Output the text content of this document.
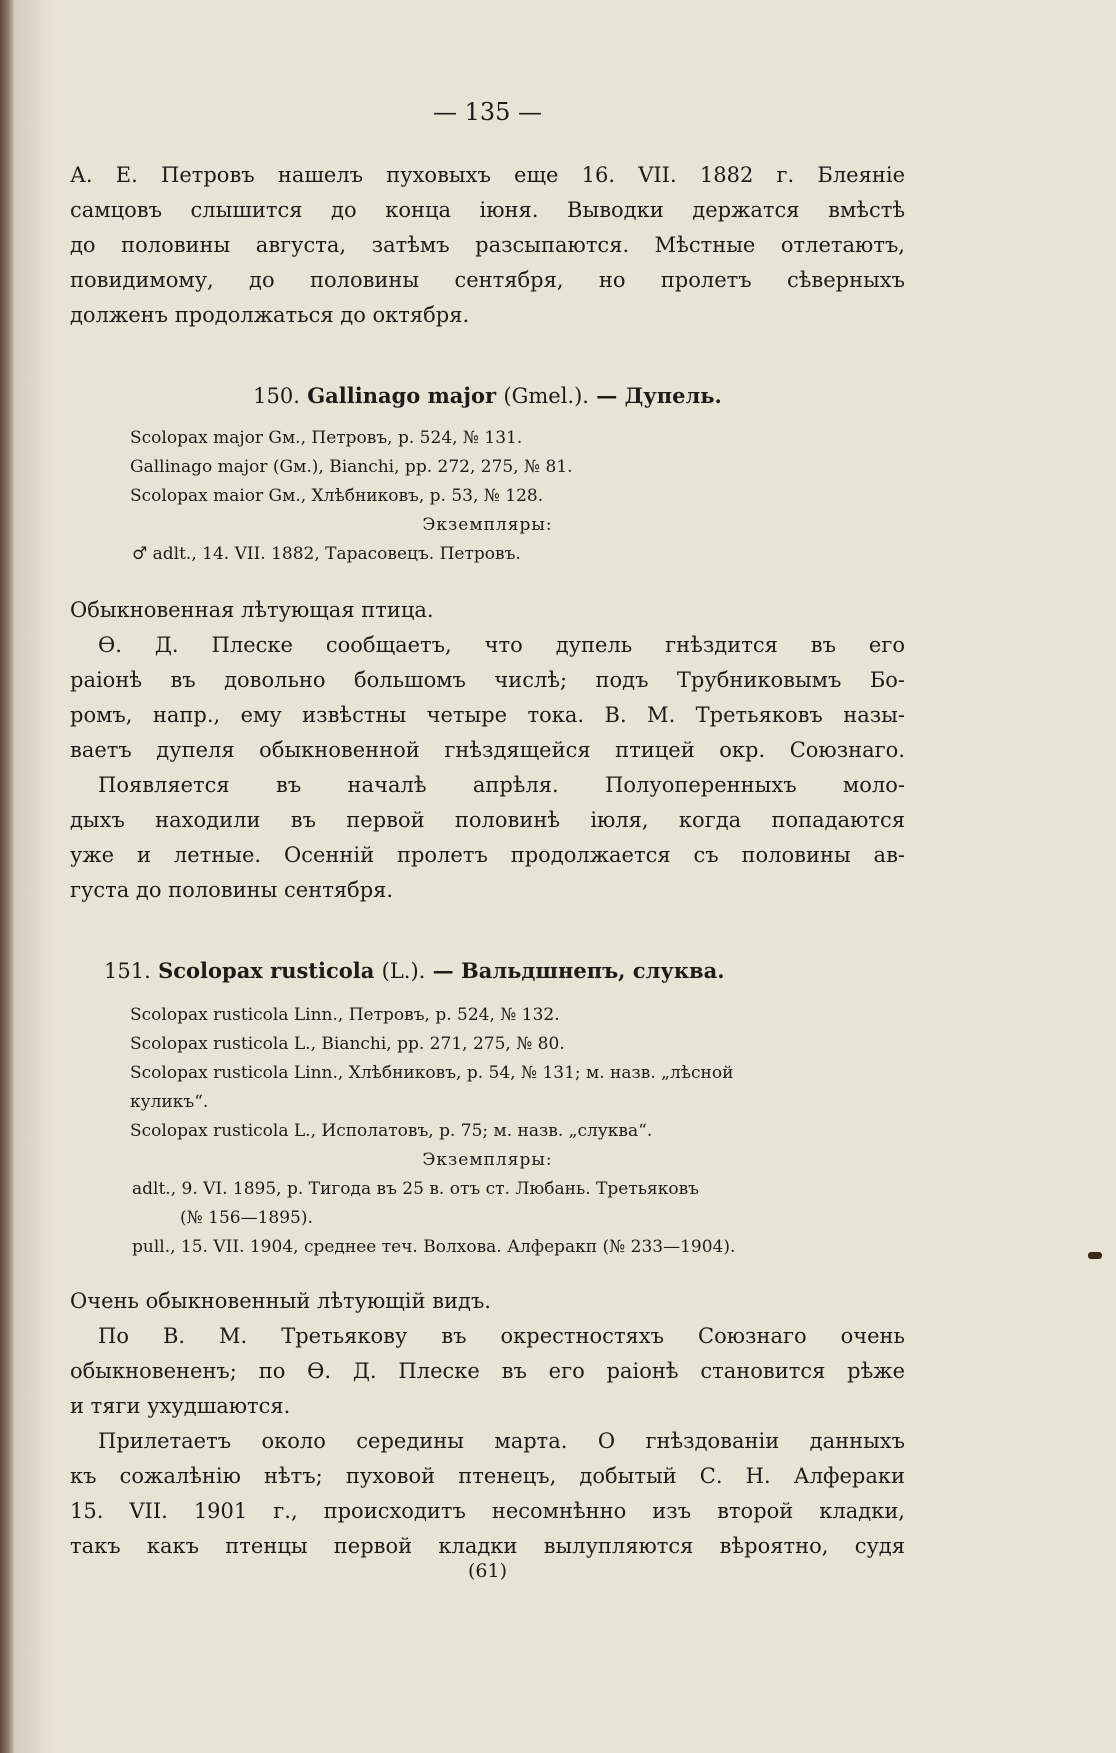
— 135 —
А. Е. Петровъ нашелъ пуховыхъ еще 16. VII. 1882 г. Блеяніе
самцовъ слышится до конца іюня. Выводки держатся вмѣстѣ
до половины августа, затѣмъ разсыпаются. Мѣстные отлетаютъ,
повидимому, до половины сентября, но пролетъ сѣверныхъ
долженъ продолжаться до октября.
150. Gallinago major (Gmel.). — Дупель.
Scolopax major Gм., Петровъ, p. 524, № 131.
Gallinago major (Gм.), Bianchi, pp. 272, 275, № 81.
Scolopax maior Gм., Хлѣбниковъ, p. 53, № 128.
Экземпляры:
♂ adlt., 14. VII. 1882, Тарасовецъ. Петровъ.
Обыкновенная лѣтующая птица.
Ѳ. Д. Плеске сообщаетъ, что дупель гнѣздится въ его
раіонѣ въ довольно большомъ числѣ; подъ Трубниковымъ Бо-
ромъ, напр., ему извѣстны четыре тока. В. М. Третьяковъ назы-
ваетъ дупеля обыкновенной гнѣздящейся птицей окр. Союзнаго.
Появляется въ началѣ апрѣля. Полуоперенныхъ моло-
дыхъ находили въ первой половинѣ іюля, когда попадаются
уже и летные. Осенній пролетъ продолжается съ половины ав-
густа до половины сентября.
151. Scolopax rusticola (L.). — Вальдшнепъ, слуква.
Scolopax rusticola Linn., Петровъ, p. 524, № 132.
Scolopax rusticola L., Bianchi, pp. 271, 275, № 80.
Scolopax rusticola Linn., Хлѣбниковъ, p. 54, № 131; м. назв. „лѣсной
куликъ“.
Scolopax rusticola L., Исполатовъ, p. 75; м. назв. „слуква“.
Экземпляры:
adlt., 9. VI. 1895, p. Тигода въ 25 в. отъ ст. Любань. Третьяковъ
(№ 156—1895).
pull., 15. VII. 1904, среднее теч. Волхова. Алферакп (№ 233—1904).
Очень обыкновенный лѣтующій видъ.
По В. М. Третьякову въ окрестностяхъ Союзнаго очень
обыкновененъ; по Ѳ. Д. Плеске въ его раіонѣ становится рѣже
и тяги ухудшаются.
Прилетаетъ около середины марта. О гнѣздованіи данныхъ
къ сожалѣнію нѣтъ; пуховой птенецъ, добытый С. Н. Алфераки
15. VII. 1901 г., происходитъ несомнѣнно изъ второй кладки,
такъ какъ птенцы первой кладки вылупляются вѣроятно, судя
(61)
